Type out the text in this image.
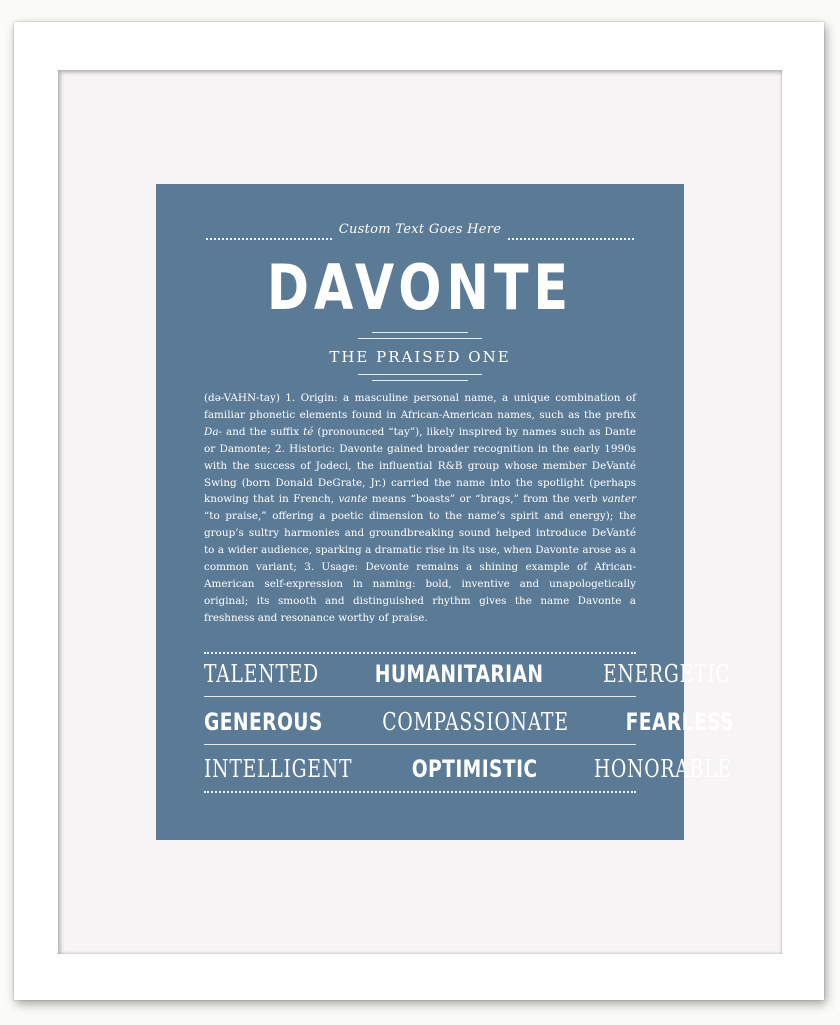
Custom Text Goes Here
DAVONTE
THE PRAISED ONE
(də-VAHN-tay) 1. Origin: a masculine personal name, a unique combination of familiar phonetic elements found in African-American names, such as the prefix Da- and the suffix té (pronounced “tay”), likely inspired by names such as Dante or Damonte; 2. Historic: Davonte gained broader recognition in the early 1990s with the success of Jodeci, the influential R&B group whose member DeVanté Swing (born Donald DeGrate, Jr.) carried the name into the spotlight (perhaps knowing that in French, vante means “boasts” or “brags,” from the verb vanter “to praise,” offering a poetic dimension to the name’s spirit and energy); the group’s sultry harmonies and groundbreaking sound helped introduce DeVanté to a wider audience, sparking a dramatic rise in its use, when Davonte arose as a common variant; 3. Usage: Devonte remains a shining example of African-American self-expression in naming: bold, inventive and unapologetically original; its smooth and distinguished rhythm gives the name Davonte a freshness and resonance worthy of praise.
TALENTED HUMANITARIAN ENERGETIC
GENEROUS COMPASSIONATE FEARLESS
INTELLIGENT OPTIMISTIC HONORABLE
